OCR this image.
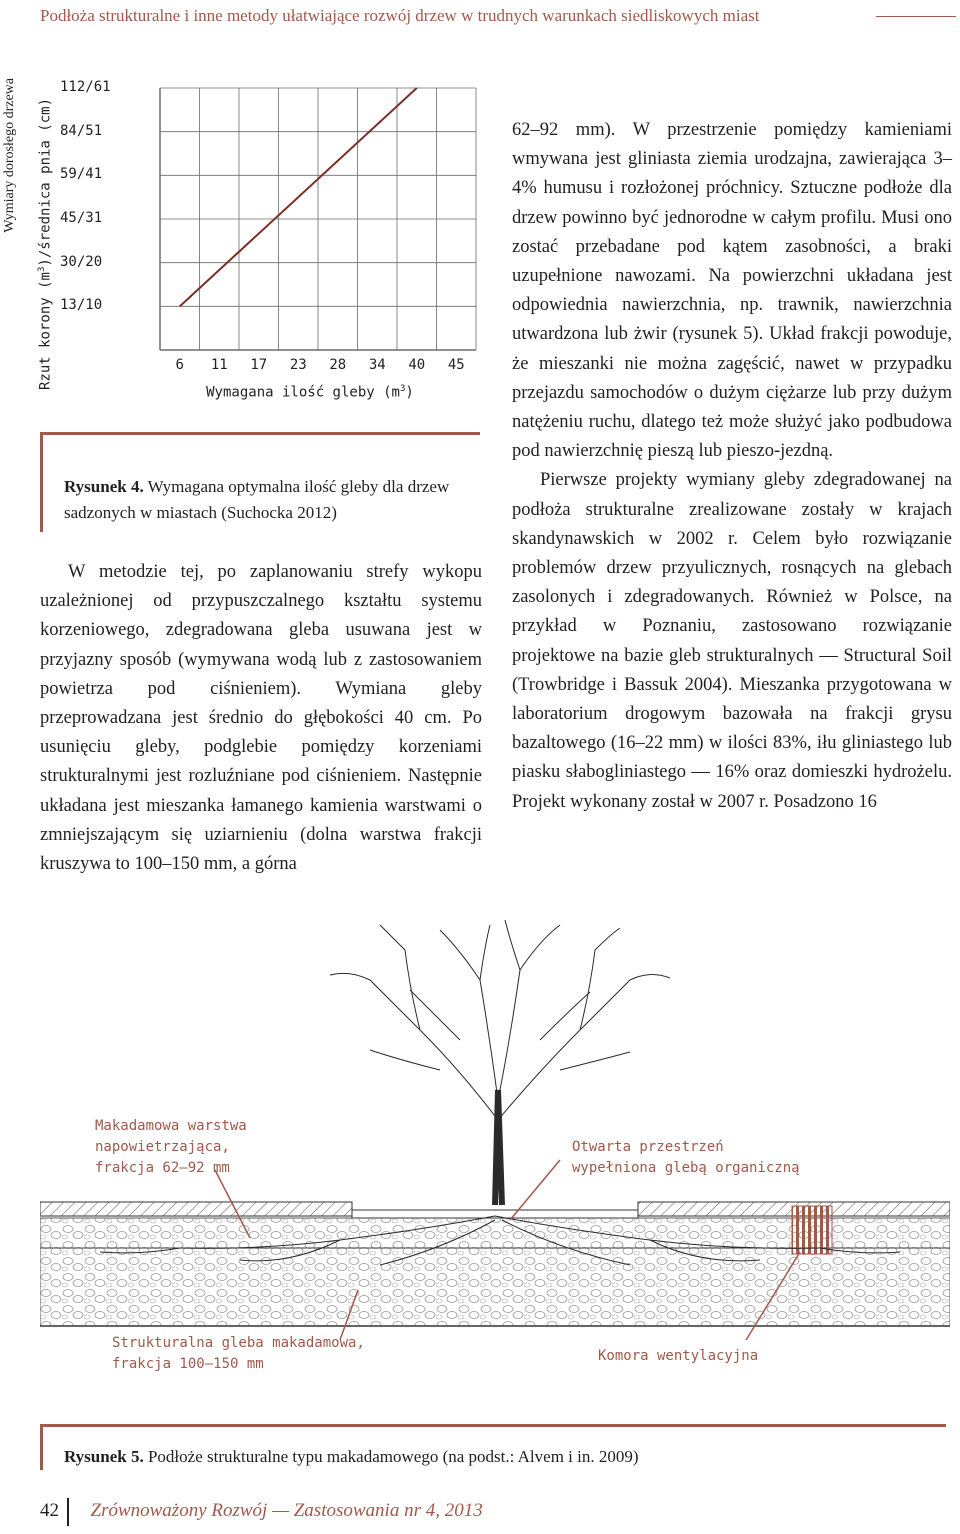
Podłoża strukturalne i inne metody ułatwiające rozwój drzew w trudnych warunkach siedliskowych miast
Wymiary dorosłego drzewa
Rzut korony $(m^3)$/średnica pnia (cm)
112/61
84/51
59/41
45/31
30/20
13/10
6	11	17	23	28	34	40	45
Wymagana ilość gleby $(m^3)$
Rysunek 4. Wymagana optymalna ilość gleby dla drzew sadzonych w miastach (Suchocka 2012)

W metodzie tej, po zaplanowaniu strefy wykopu uzależnionej od przypuszczalnego kształtu systemu korzeniowego, zdegradowana gleba usuwana jest w przyjazny sposób (wymywana wodą lub z zastosowaniem powietrza pod ciśnieniem). Wymiana gleby przeprowadzana jest średnio do głębokości 40 cm. Po usunięciu gleby, podglebie pomiędzy korzeniami strukturalnymi jest rozluźniane pod ciśnieniem. Następnie układana jest mieszanka łamanego kamienia warstwami o zmniejszającym się uziarnieniu (dolna warstwa frakcji kruszywa to 100–150 mm, a górna

62–92 mm). W przestrzenie pomiędzy kamieniami wmywana jest gliniasta ziemia urodzajna, zawierająca 3–4% humusu i rozłożonej próchnicy. Sztuczne podłoże dla drzew powinno być jednorodne w całym profilu. Musi ono zostać przebadane pod kątem zasobności, a braki uzupełnione nawozami. Na powierzchni układana jest odpowiednia nawierzchnia, np. trawnik, nawierzchnia utwardzona lub żwir (rysunek 5). Układ frakcji powoduje, że mieszanki nie można zagęścić, nawet w przypadku przejazdu samochodów o dużym ciężarze lub przy dużym natężeniu ruchu, dlatego też może służyć jako podbudowa pod nawierzchnię pieszą lub pieszo-jezdną.

Pierwsze projekty wymiany gleby zdegradowanej na podłoża strukturalne zrealizowane zostały w krajach skandynawskich w 2002 r. Celem było rozwiązanie problemów drzew przyulicznych, rosnących na glebach zasolonych i zdegradowanych. Również w Polsce, na przykład w Poznaniu, zastosowano rozwiązanie projektowe na bazie gleb strukturalnych — Structural Soil (Trowbridge i Bassuk 2004). Mieszanka przygotowana w laboratorium drogowym bazowała na frakcji grysu bazaltowego (16–22 mm) w ilości 83%, iłu gliniastego lub piasku słabogliniastego — 16% oraz domieszki hydrożelu. Projekt wykonany został w 2007 r. Posadzono 16

Makadamowa warstwa
napowietrzająca,
frakcja 62–92 mm
Otwarta przestrzeń
wypełniona glebą organiczną
Strukturalna gleba makadamowa,
frakcja 100–150 mm	Komora wentylacyjna
Rysunek 5. Podłoże strukturalne typu makadamowego (na podst.: Alvem i in. 2009)
42 Zrównoważony Rozwój — Zastosowania nr 4, 2013
